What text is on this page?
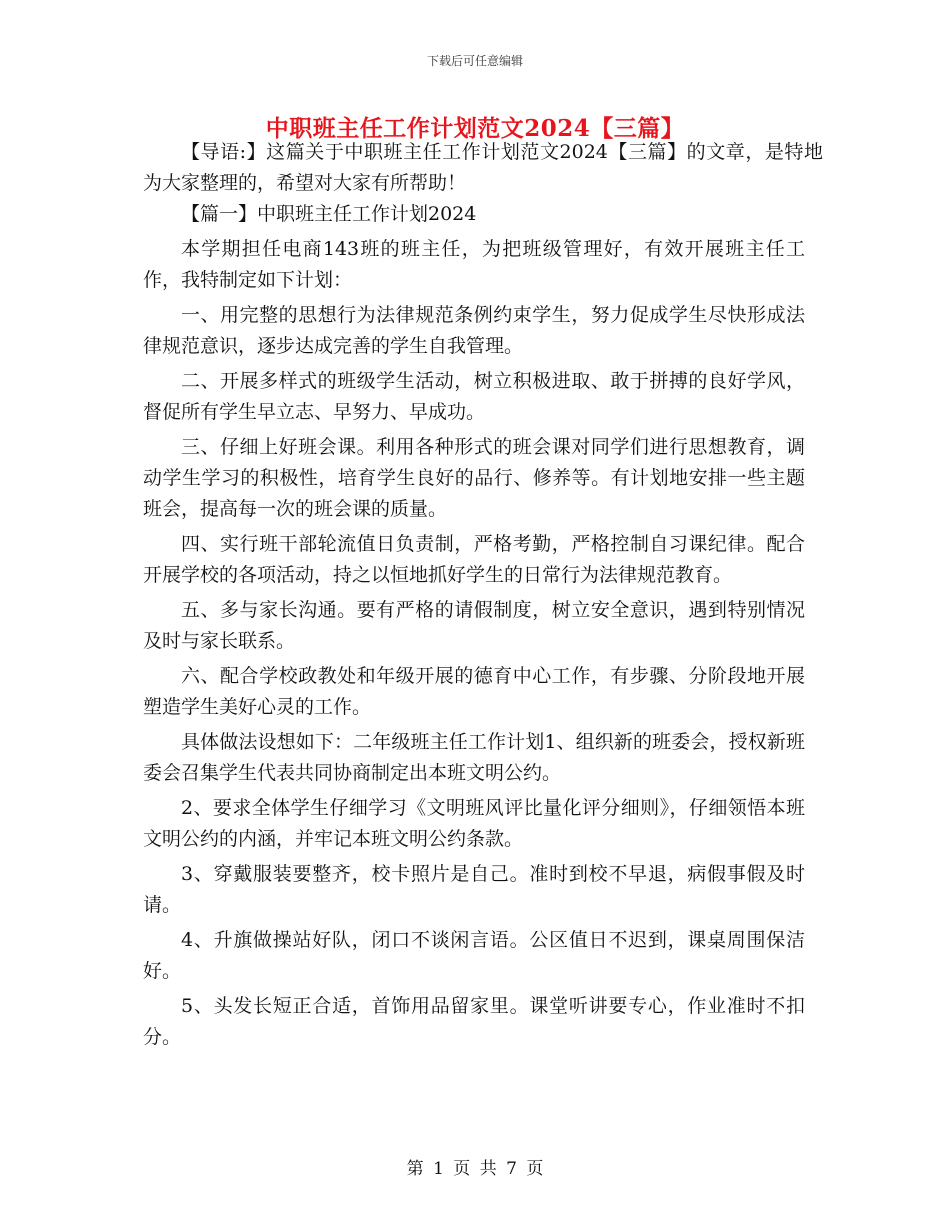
下载后可任意编辑
中职班主任工作计划范文2024【三篇】

【导语:】这篇关于中职班主任工作计划范文2024【三篇】的文章，是特地为大家整理的，希望对大家有所帮助！

【篇一】中职班主任工作计划2024

本学期担任电商143班的班主任，为把班级管理好，有效开展班主任工作，我特制定如下计划：

一、用完整的思想行为法律规范条例约束学生，努力促成学生尽快形成法律规范意识，逐步达成完善的学生自我管理。

二、开展多样式的班级学生活动，树立积极进取、敢于拼搏的良好学风，督促所有学生早立志、早努力、早成功。

三、仔细上好班会课。利用各种形式的班会课对同学们进行思想教育，调动学生学习的积极性，培育学生良好的品行、修养等。有计划地安排一些主题班会，提高每一次的班会课的质量。

四、实行班干部轮流值日负责制，严格考勤，严格控制自习课纪律。配合开展学校的各项活动，持之以恒地抓好学生的日常行为法律规范教育。

五、多与家长沟通。要有严格的请假制度，树立安全意识，遇到特别情况及时与家长联系。

六、配合学校政教处和年级开展的德育中心工作，有步骤、分阶段地开展塑造学生美好心灵的工作。

具体做法设想如下：二年级班主任工作计划1、组织新的班委会，授权新班委会召集学生代表共同协商制定出本班文明公约。

2、要求全体学生仔细学习《文明班风评比量化评分细则》，仔细领悟本班文明公约的内涵，并牢记本班文明公约条款。

3、穿戴服装要整齐，校卡照片是自己。准时到校不早退，病假事假及时请。

4、升旗做操站好队，闭口不谈闲言语。公区值日不迟到，课桌周围保洁好。

5、头发长短正合适，首饰用品留家里。课堂听讲要专心，作业准时不扣分。

第 1 页 共 7 页
